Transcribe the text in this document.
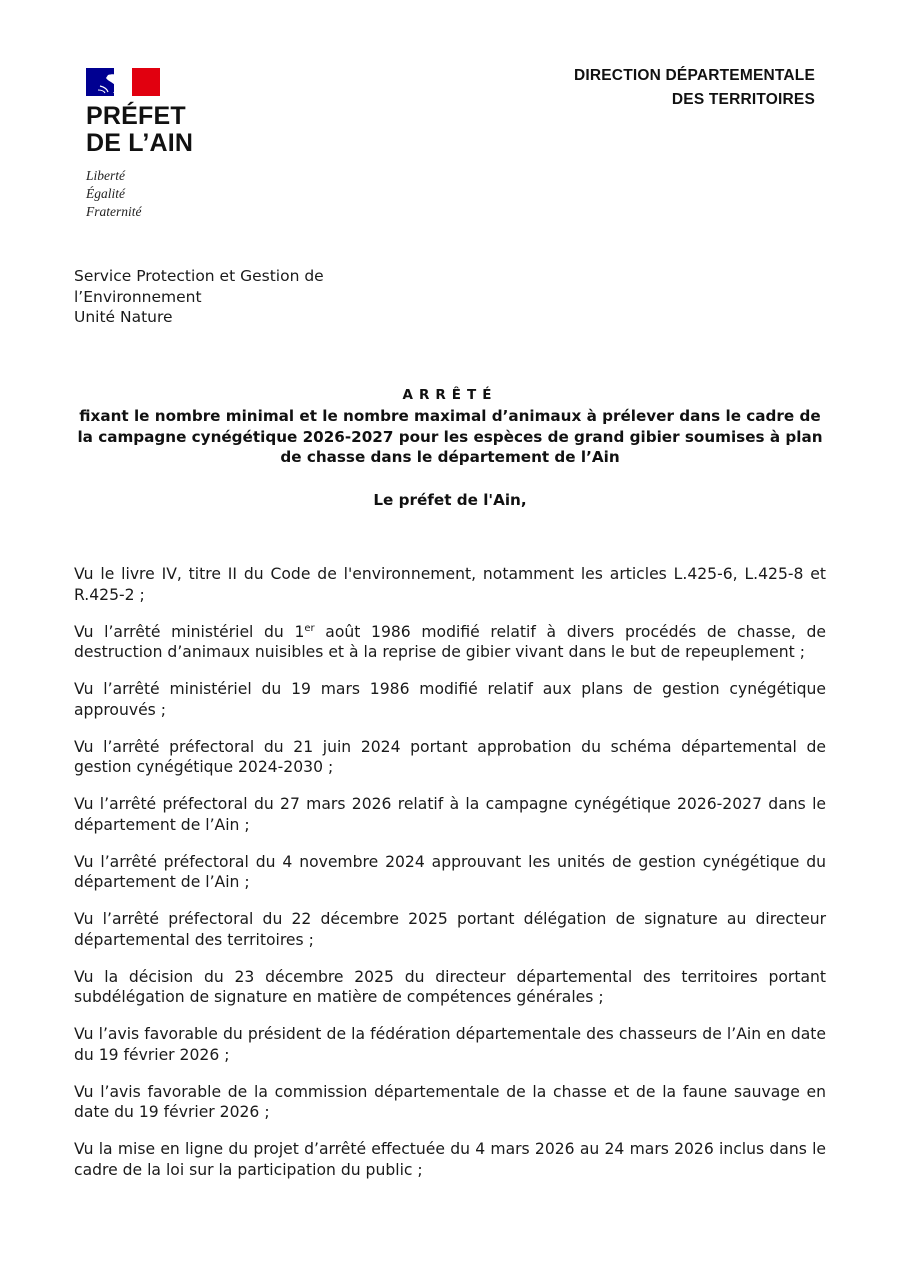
PRÉFET
DE L’AIN
Liberté
Égalité
Fraternité
DIRECTION DÉPARTEMENTALE
DES TERRITOIRES
Service Protection et Gestion de
l’Environnement
Unité Nature
ARRÊTÉ
fixant le nombre minimal et le nombre maximal d’animaux à prélever dans le cadre de la campagne cynégétique 2026-2027 pour les espèces de grand gibier soumises à plan de chasse dans le département de l’Ain
Le préfet de l'Ain,

Vu le livre IV, titre II du Code de l'environnement, notamment les articles L.425-6, L.425-8 et R.425-2 ;

Vu l’arrêté ministériel du 1er août 1986 modifié relatif à divers procédés de chasse, de destruction d’animaux nuisibles et à la reprise de gibier vivant dans le but de repeuplement ;

Vu l’arrêté ministériel du 19 mars 1986 modifié relatif aux plans de gestion cynégétique approuvés ;

Vu l’arrêté préfectoral du 21 juin 2024 portant approbation du schéma départemental de gestion cynégétique 2024-2030 ;

Vu l’arrêté préfectoral du 27 mars 2026 relatif à la campagne cynégétique 2026-2027 dans le département de l’Ain ;

Vu l’arrêté préfectoral du 4 novembre 2024 approuvant les unités de gestion cynégétique du département de l’Ain ;

Vu l’arrêté préfectoral du 22 décembre 2025 portant délégation de signature au directeur départemental des territoires ;

Vu la décision du 23 décembre 2025 du directeur départemental des territoires portant subdélégation de signature en matière de compétences générales ;

Vu l’avis favorable du président de la fédération départementale des chasseurs de l’Ain en date du 19 février 2026 ;

Vu l’avis favorable de la commission départementale de la chasse et de la faune sauvage en date du 19 février 2026 ;

Vu la mise en ligne du projet d’arrêté effectuée du 4 mars 2026 au 24 mars 2026 inclus dans le cadre de la loi sur la participation du public ;
